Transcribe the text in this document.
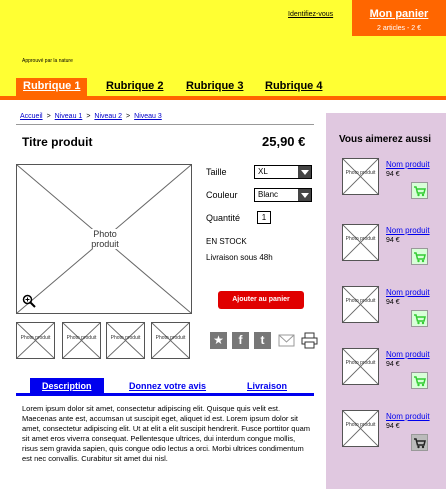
Identifiez-vous	Mon panier
2 articles - 2 €
Approuvé par la nature
Rubrique 1	Rubrique 2 Rubrique 3 Rubrique 4
Accueil > Niveau 1 > Niveau 2 > Niveau 3
Titre produit	25,90 €
Photo produit
Photo produit	Photo produit	Photo produit	Photo produit
Taille	XL
Couleur	Blanc
Quantité	1
EN STOCK
Livraison sous 48h
Ajouter au panier
★	f	t
Description	Donnez votre avis	Livraison

Lorem ipsum dolor sit amet, consectetur adipiscing elit. Quisque quis velit est. Maecenas ante est, accumsan ut suscipit eget, aliquet id est. Lorem ipsum dolor sit amet, consectetur adipiscing elit. Ut at elit a elit suscipit hendrerit. Fusce porttitor quam sit amet eros viverra consequat. Pellentesque ultrices, dui interdum congue mollis, risus sem gravida sapien, quis congue odio lectus a orci. Morbi ultrices condimentum est nec convallis. Curabitur sit amet dui nisl.

Vous aimerez aussi
Photo produit
Nom produit
94 €
Photo produit
Nom produit
94 €
Photo produit
Nom produit
94 €
Photo produit
Nom produit
94 €
Photo produit
Nom produit
94 €
